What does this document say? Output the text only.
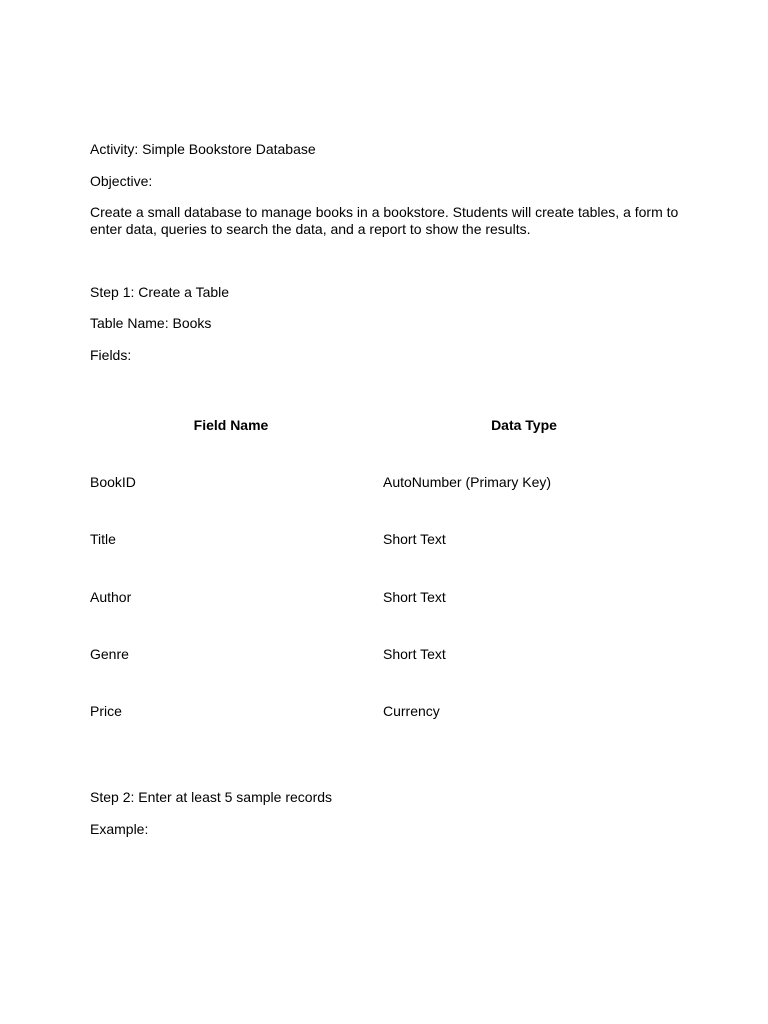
Activity: Simple Bookstore Database

Objective:

Create a small database to manage books in a bookstore. Students will create tables, a form to enter data, queries to search the data, and a report to show the results.

Step 1: Create a Table

Table Name: Books

Fields:

Field Name	Data Type
BookID	AutoNumber (Primary Key)
Title	Short Text
Author	Short Text
Genre	Short Text
Price	Currency

Step 2: Enter at least 5 sample records

Example:
